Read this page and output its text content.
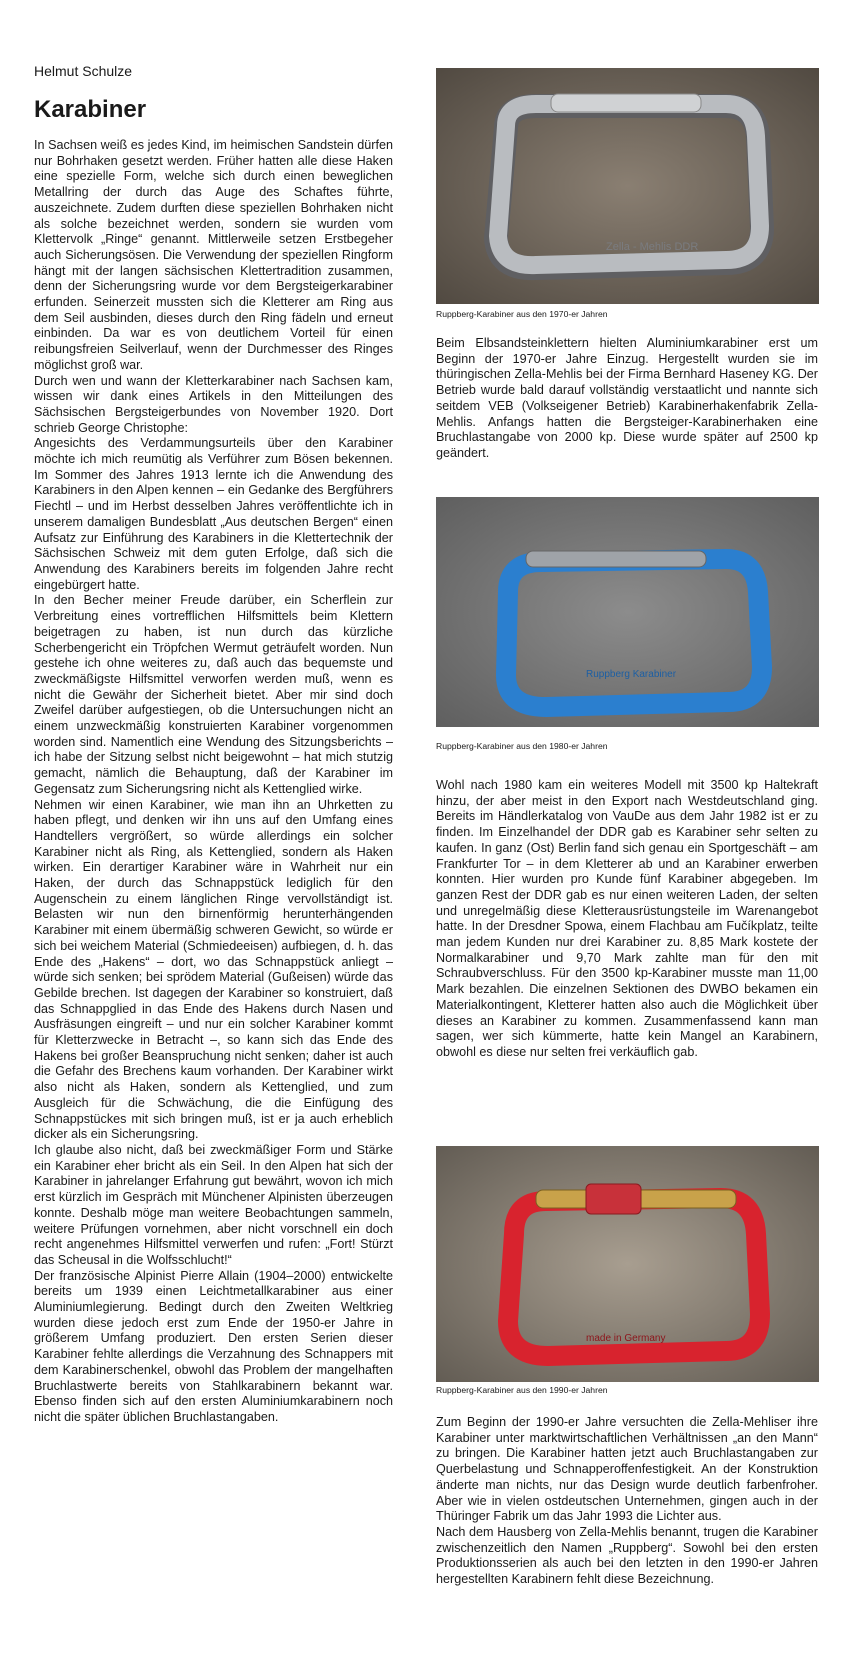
Helmut Schulze
Karabiner

In Sachsen weiß es jedes Kind, im heimischen Sandstein dürfen nur Bohrhaken gesetzt werden. Früher hatten alle diese Haken eine spezielle Form, welche sich durch einen beweglichen Metallring der durch das Auge des Schaftes führte, auszeichnete. Zudem durften diese speziellen Bohrhaken nicht als solche bezeichnet werden, sondern sie wurden vom Klettervolk „Ringe“ genannt. Mittlerweile setzen Erstbegeher auch Sicherungsösen. Die Verwendung der speziellen Ringform hängt mit der langen sächsischen Klettertradition zusammen, denn der Sicherungsring wurde vor dem Bergsteigerkarabiner erfunden. Seinerzeit mussten sich die Kletterer am Ring aus dem Seil ausbinden, dieses durch den Ring fädeln und erneut einbinden. Da war es von deutlichem Vorteil für einen reibungsfreien Seilverlauf, wenn der Durchmesser des Ringes möglichst groß war.

Durch wen und wann der Kletterkarabiner nach Sachsen kam, wissen wir dank eines Artikels in den Mitteilungen des Sächsischen Bergsteigerbundes von November 1920. Dort schrieb George Christophe:

Angesichts des Verdammungsurteils über den Karabiner möchte ich mich reumütig als Verführer zum Bösen bekennen. Im Sommer des Jahres 1913 lernte ich die Anwendung des Karabiners in den Alpen kennen – ein Gedanke des Bergführers Fiechtl – und im Herbst desselben Jahres veröffentlichte ich in unserem damaligen Bundesblatt „Aus deutschen Bergen“ einen Aufsatz zur Einführung des Karabiners in die Klettertechnik der Sächsischen Schweiz mit dem guten Erfolge, daß sich die Anwendung des Karabiners bereits im folgenden Jahre recht eingebürgert hatte.

In den Becher meiner Freude darüber, ein Scherflein zur Verbreitung eines vortrefflichen Hilfsmittels beim Klettern beigetragen zu haben, ist nun durch das kürzliche Scherbengericht ein Tröpfchen Wermut geträufelt worden. Nun gestehe ich ohne weiteres zu, daß auch das bequemste und zweckmäßigste Hilfsmittel verworfen werden muß, wenn es nicht die Gewähr der Sicherheit bietet. Aber mir sind doch Zweifel darüber aufgestiegen, ob die Untersuchungen nicht an einem unzweckmäßig konstruierten Karabiner vorgenommen worden sind. Namentlich eine Wendung des Sitzungsberichts – ich habe der Sitzung selbst nicht beigewohnt – hat mich stutzig gemacht, nämlich die Behauptung, daß der Karabiner im Gegensatz zum Sicherungsring nicht als Kettenglied wirke.

Nehmen wir einen Karabiner, wie man ihn an Uhrketten zu haben pflegt, und denken wir ihn uns auf den Umfang eines Handtellers vergrößert, so würde allerdings ein solcher Karabiner nicht als Ring, als Kettenglied, sondern als Haken wirken. Ein derartiger Karabiner wäre in Wahrheit nur ein Haken, der durch das Schnappstück lediglich für den Augenschein zu einem länglichen Ringe vervollständigt ist. Belasten wir nun den birnenförmig herunterhängenden Karabiner mit einem übermäßig schweren Gewicht, so würde er sich bei weichem Material (Schmiedeeisen) aufbiegen, d. h. das Ende des „Hakens“ – dort, wo das Schnappstück anliegt – würde sich senken; bei sprödem Material (Gußeisen) würde das Gebilde brechen. Ist dagegen der Karabiner so konstruiert, daß das Schnappglied in das Ende des Hakens durch Nasen und Ausfräsungen eingreift – und nur ein solcher Karabiner kommt für Kletterzwecke in Betracht –, so kann sich das Ende des Hakens bei großer Beanspruchung nicht senken; daher ist auch die Gefahr des Brechens kaum vorhanden. Der Karabiner wirkt also nicht als Haken, sondern als Kettenglied, und zum Ausgleich für die Schwächung, die die Einfügung des Schnappstückes mit sich bringen muß, ist er ja auch erheblich dicker als ein Sicherungsring.

Ich glaube also nicht, daß bei zweckmäßiger Form und Stärke ein Karabiner eher bricht als ein Seil. In den Alpen hat sich der Karabiner in jahrelanger Erfahrung gut bewährt, wovon ich mich erst kürzlich im Gespräch mit Münchener Alpinisten überzeugen konnte. Deshalb möge man weitere Beobachtungen sammeln, weitere Prüfungen vornehmen, aber nicht vorschnell ein doch recht angenehmes Hilfsmittel verwerfen und rufen: „Fort! Stürzt das Scheusal in die Wolfsschlucht!“

Der französische Alpinist Pierre Allain (1904–2000) entwickelte bereits um 1939 einen Leichtmetallkarabiner aus einer Aluminiumlegierung. Bedingt durch den Zweiten Weltkrieg wurden diese jedoch erst zum Ende der 1950-er Jahre in größerem Umfang produziert. Den ersten Serien dieser Karabiner fehlte allerdings die Verzahnung des Schnappers mit dem Karabinerschenkel, obwohl das Problem der mangelhaften Bruchlastwerte bereits von Stahlkarabinern bekannt war. Ebenso finden sich auf den ersten Aluminiumkarabinern noch nicht die später üblichen Bruchlastangaben.

Zella - Mehlis DDR
Ruppberg-Karabiner aus den 1970-er Jahren

Beim Elbsandsteinklettern hielten Aluminiumkarabiner erst um Beginn der 1970-er Jahre Einzug. Hergestellt wurden sie im thüringischen Zella-Mehlis bei der Firma Bernhard Haseney KG. Der Betrieb wurde bald darauf vollständig verstaatlicht und nannte sich seitdem VEB (Volkseigener Betrieb) Karabinerhakenfabrik Zella-Mehlis. Anfangs hatten die Bergsteiger-Karabinerhaken eine Bruchlastangabe von 2000 kp. Diese wurde später auf 2500 kp geändert.

Ruppberg Karabiner
Ruppberg-Karabiner aus den 1980-er Jahren

Wohl nach 1980 kam ein weiteres Modell mit 3500 kp Haltekraft hinzu, der aber meist in den Export nach Westdeutschland ging. Bereits im Händlerkatalog von VauDe aus dem Jahr 1982 ist er zu finden. Im Einzelhandel der DDR gab es Karabiner sehr selten zu kaufen. In ganz (Ost) Berlin fand sich genau ein Sportgeschäft – am Frankfurter Tor – in dem Kletterer ab und an Karabiner erwerben konnten. Hier wurden pro Kunde fünf Karabiner abgegeben. Im ganzen Rest der DDR gab es nur einen weiteren Laden, der selten und unregelmäßig diese Kletterausrüstungsteile im Warenangebot hatte. In der Dresdner Spowa, einem Flachbau am Fučíkplatz, teilte man jedem Kunden nur drei Karabiner zu. 8,85 Mark kostete der Normalkarabiner und 9,70 Mark zahlte man für den mit Schraubverschluss. Für den 3500 kp-Karabiner musste man 11,00 Mark bezahlen. Die einzelnen Sektionen des DWBO bekamen ein Materialkontingent, Kletterer hatten also auch die Möglichkeit über dieses an Karabiner zu kommen. Zusammenfassend kann man sagen, wer sich kümmerte, hatte kein Mangel an Karabinern, obwohl es diese nur selten frei verkäuflich gab.

made in Germany
Ruppberg-Karabiner aus den 1990-er Jahren

Zum Beginn der 1990-er Jahre versuchten die Zella-Mehliser ihre Karabiner unter marktwirtschaftlichen Verhältnissen „an den Mann“ zu bringen. Die Karabiner hatten jetzt auch Bruchlastangaben zur Querbelastung und Schnapperoffenfestigkeit. An der Konstruktion änderte man nichts, nur das Design wurde deutlich farbenfroher. Aber wie in vielen ostdeutschen Unternehmen, gingen auch in der Thüringer Fabrik um das Jahr 1993 die Lichter aus.

Nach dem Hausberg von Zella-Mehlis benannt, trugen die Karabiner zwischenzeitlich den Namen „Ruppberg“. Sowohl bei den ersten Produktionsserien als auch bei den letzten in den 1990-er Jahren hergestellten Karabinern fehlt diese Bezeichnung.
